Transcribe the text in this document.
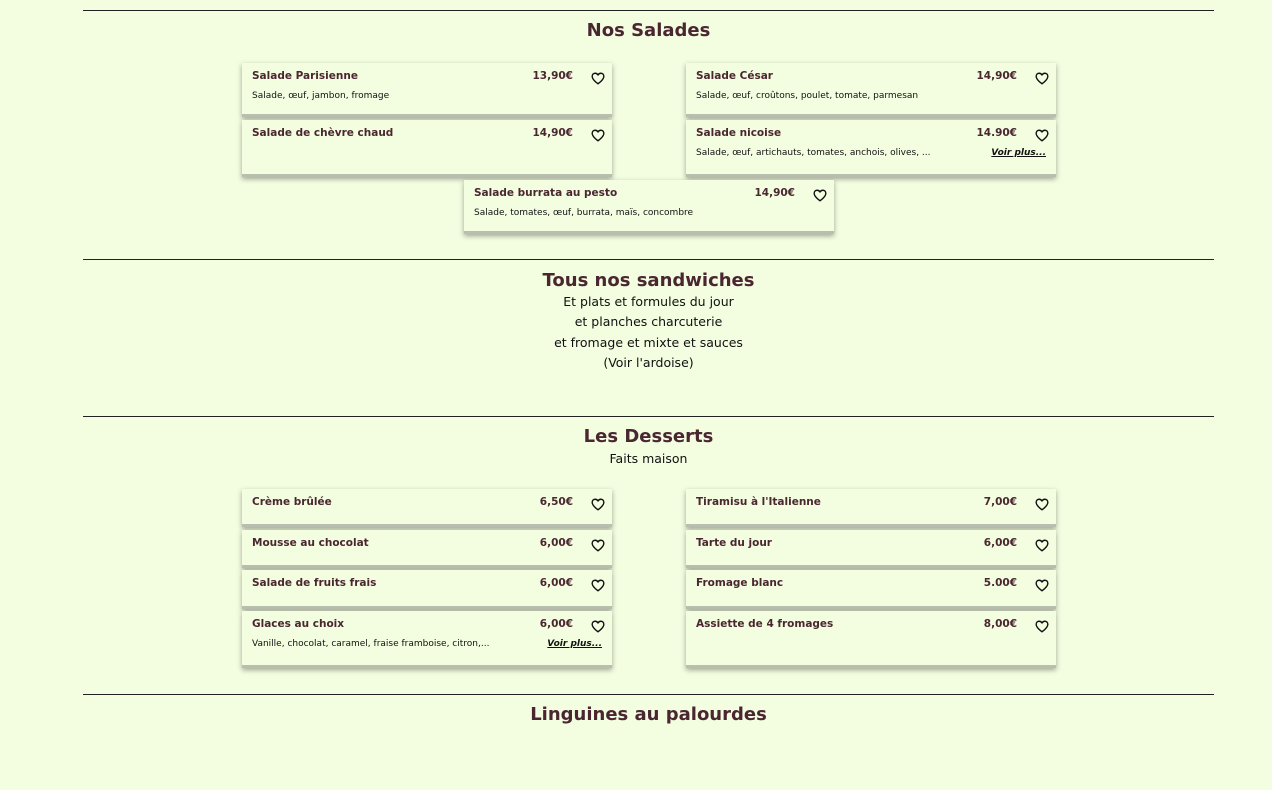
Nos Salades
Salade Parisienne	13,90€
Salade, œuf, jambon, fromage
Salade César	14,90€
Salade, œuf, croûtons, poulet, tomate, parmesan
Salade de chèvre chaud	14,90€	Salade nicoise	14.90€
Salade, œuf, artichauts, tomates, anchois, olives, ...	Voir plus...
Salade burrata au pesto	14,90€
Salade, tomates, œuf, burrata, maïs, concombre
Tous nos sandwiches
Et plats et formules du jour
et planches charcuterie
et fromage et mixte et sauces
(Voir l'ardoise)
Les Desserts
Faits maison
Crème brûlée	6,50€	Tiramisu à l'Italienne	7,00€
Mousse au chocolat	6,00€	Tarte du jour	6,00€
Salade de fruits frais	6,00€	Fromage blanc	5.00€
Glaces au choix	6,00€
Vanille, chocolat, caramel, fraise framboise, citron,...	Voir plus...
Assiette de 4 fromages	8,00€
Linguines au palourdes
